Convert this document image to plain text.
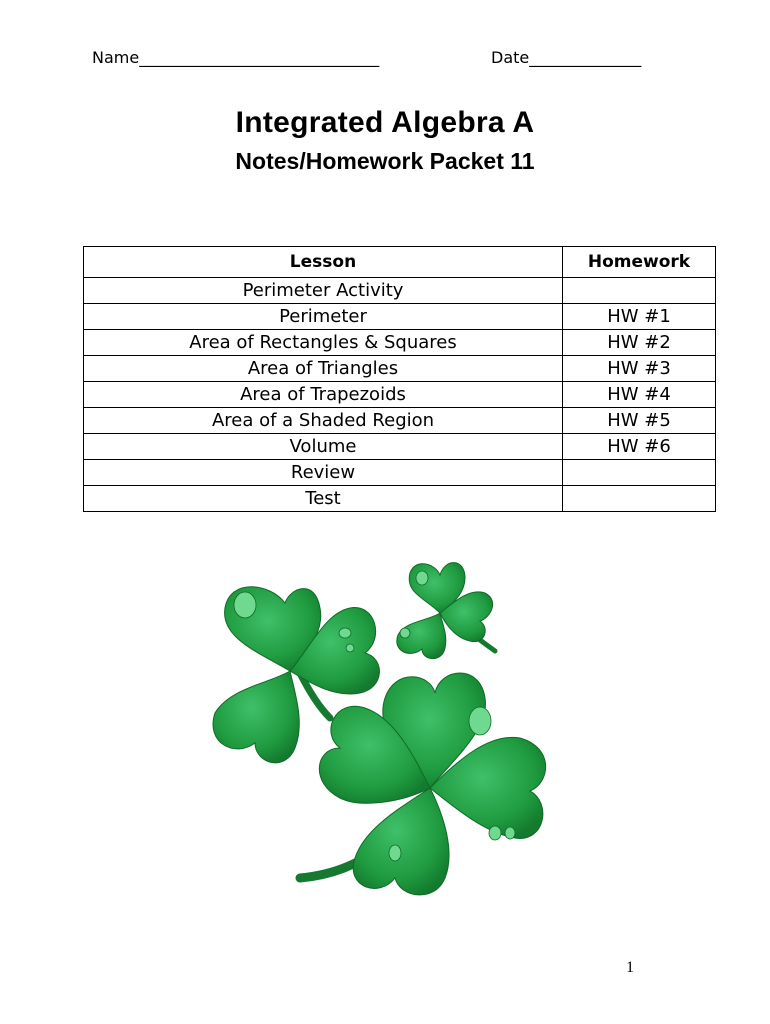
Name______________________________	Date______________
Integrated Algebra A
Notes/Homework Packet 11
Lesson	Homework
Perimeter Activity	
Perimeter	HW #1
Area of Rectangles & Squares	HW #2
Area of Triangles	HW #3
Area of Trapezoids	HW #4
Area of a Shaded Region	HW #5
Volume	HW #6
Review	
Test	
1
